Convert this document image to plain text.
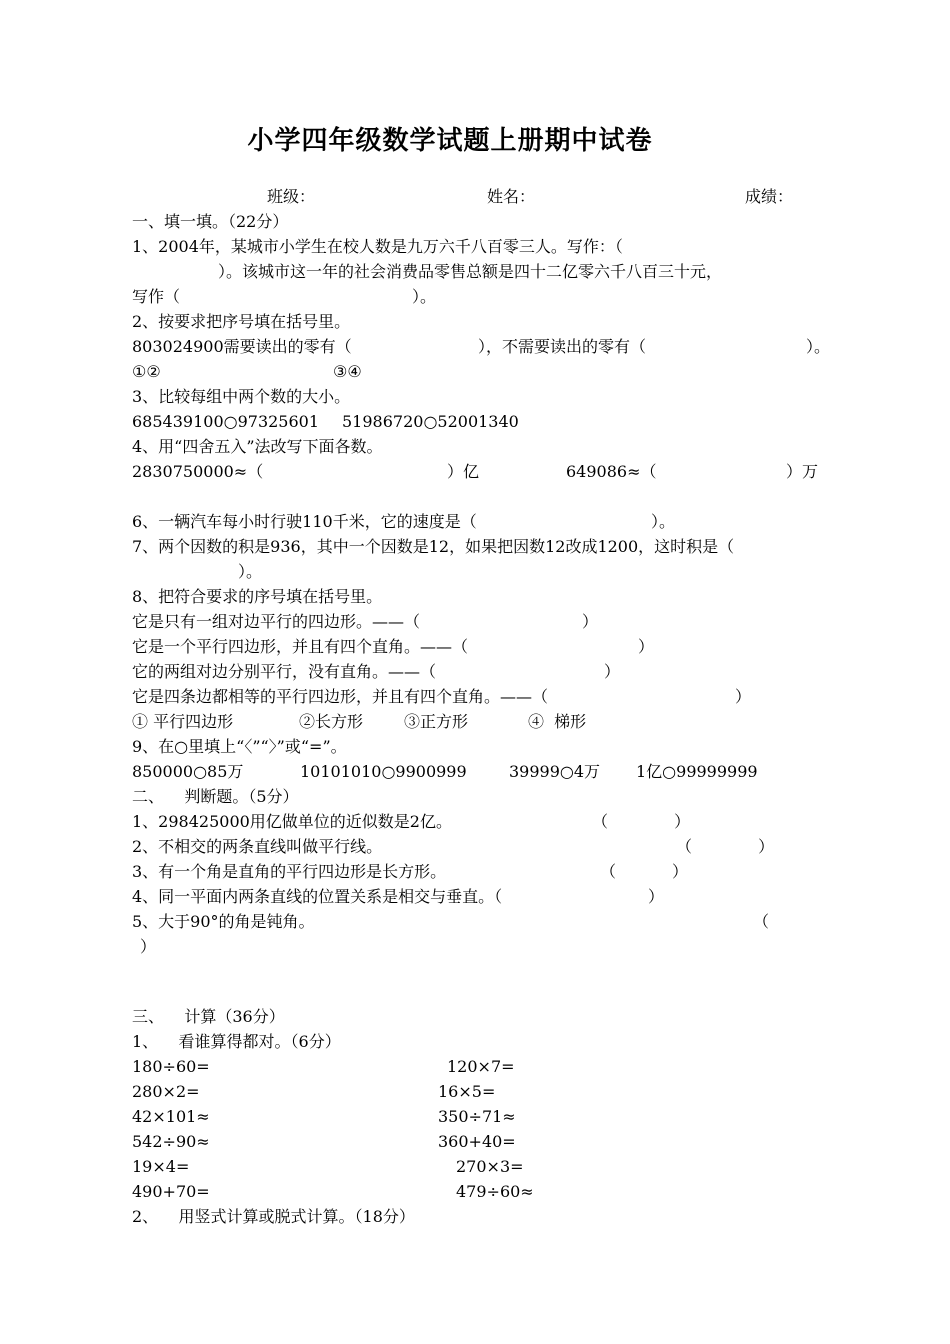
小学四年级数学试题上册期中试卷
班级：	姓名：	成绩：
一、填一填。（22分）
1、2004年，某城市小学生在校人数是九万六千八百零三人。写作：（
）。该城市这一年的社会消费品零售总额是四十二亿零六千八百三十元，
写作（	）。
2、按要求把序号填在括号里。
803024900需要读出的零有（	），不需要读出的零有（	）。
①②	③④
3、比较每组中两个数的大小。
685439100○97325601 51986720○52001340
4、用“四舍五入”法改写下面各数。
2830750000≈（	）亿	649086≈（	）万
6、一辆汽车每小时行驶110千米，它的速度是（	）。
7、两个因数的积是936，其中一个因数是12，如果把因数12改成1200，这时积是（
）。
8、把符合要求的序号填在括号里。
它是只有一组对边平行的四边形。——（	）
它是一个平行四边形，并且有四个直角。——（	）
它的两组对边分别平行，没有直角。——（	）
它是四条边都相等的平行四边形，并且有四个直角。——（	）
① 平行四边形	②长方形	③正方形	④  梯形
9、在○里填上“〈”“〉”或“=”。
850000○85万	10101010○9900999	39999○4万 1亿○99999999
二、    判断题。（5分）
1、298425000用亿做单位的近似数是2亿。	（             ）
2、不相交的两条直线叫做平行线。	（             ）
3、有一个角是直角的平行四边形是长方形。	（           ）
4、同一平面内两条直线的位置关系是相交与垂直。（	）
5、大于90°的角是钝角。	（
）
三、    计算（36分）
1、    看谁算得都对。（6分）
180÷60=	120×7=
280×2=	16×5=
42×101≈	350÷71≈
542÷90≈	360+40=
19×4=	270×3=
490+70=	479÷60≈
2、    用竖式计算或脱式计算。（18分）
